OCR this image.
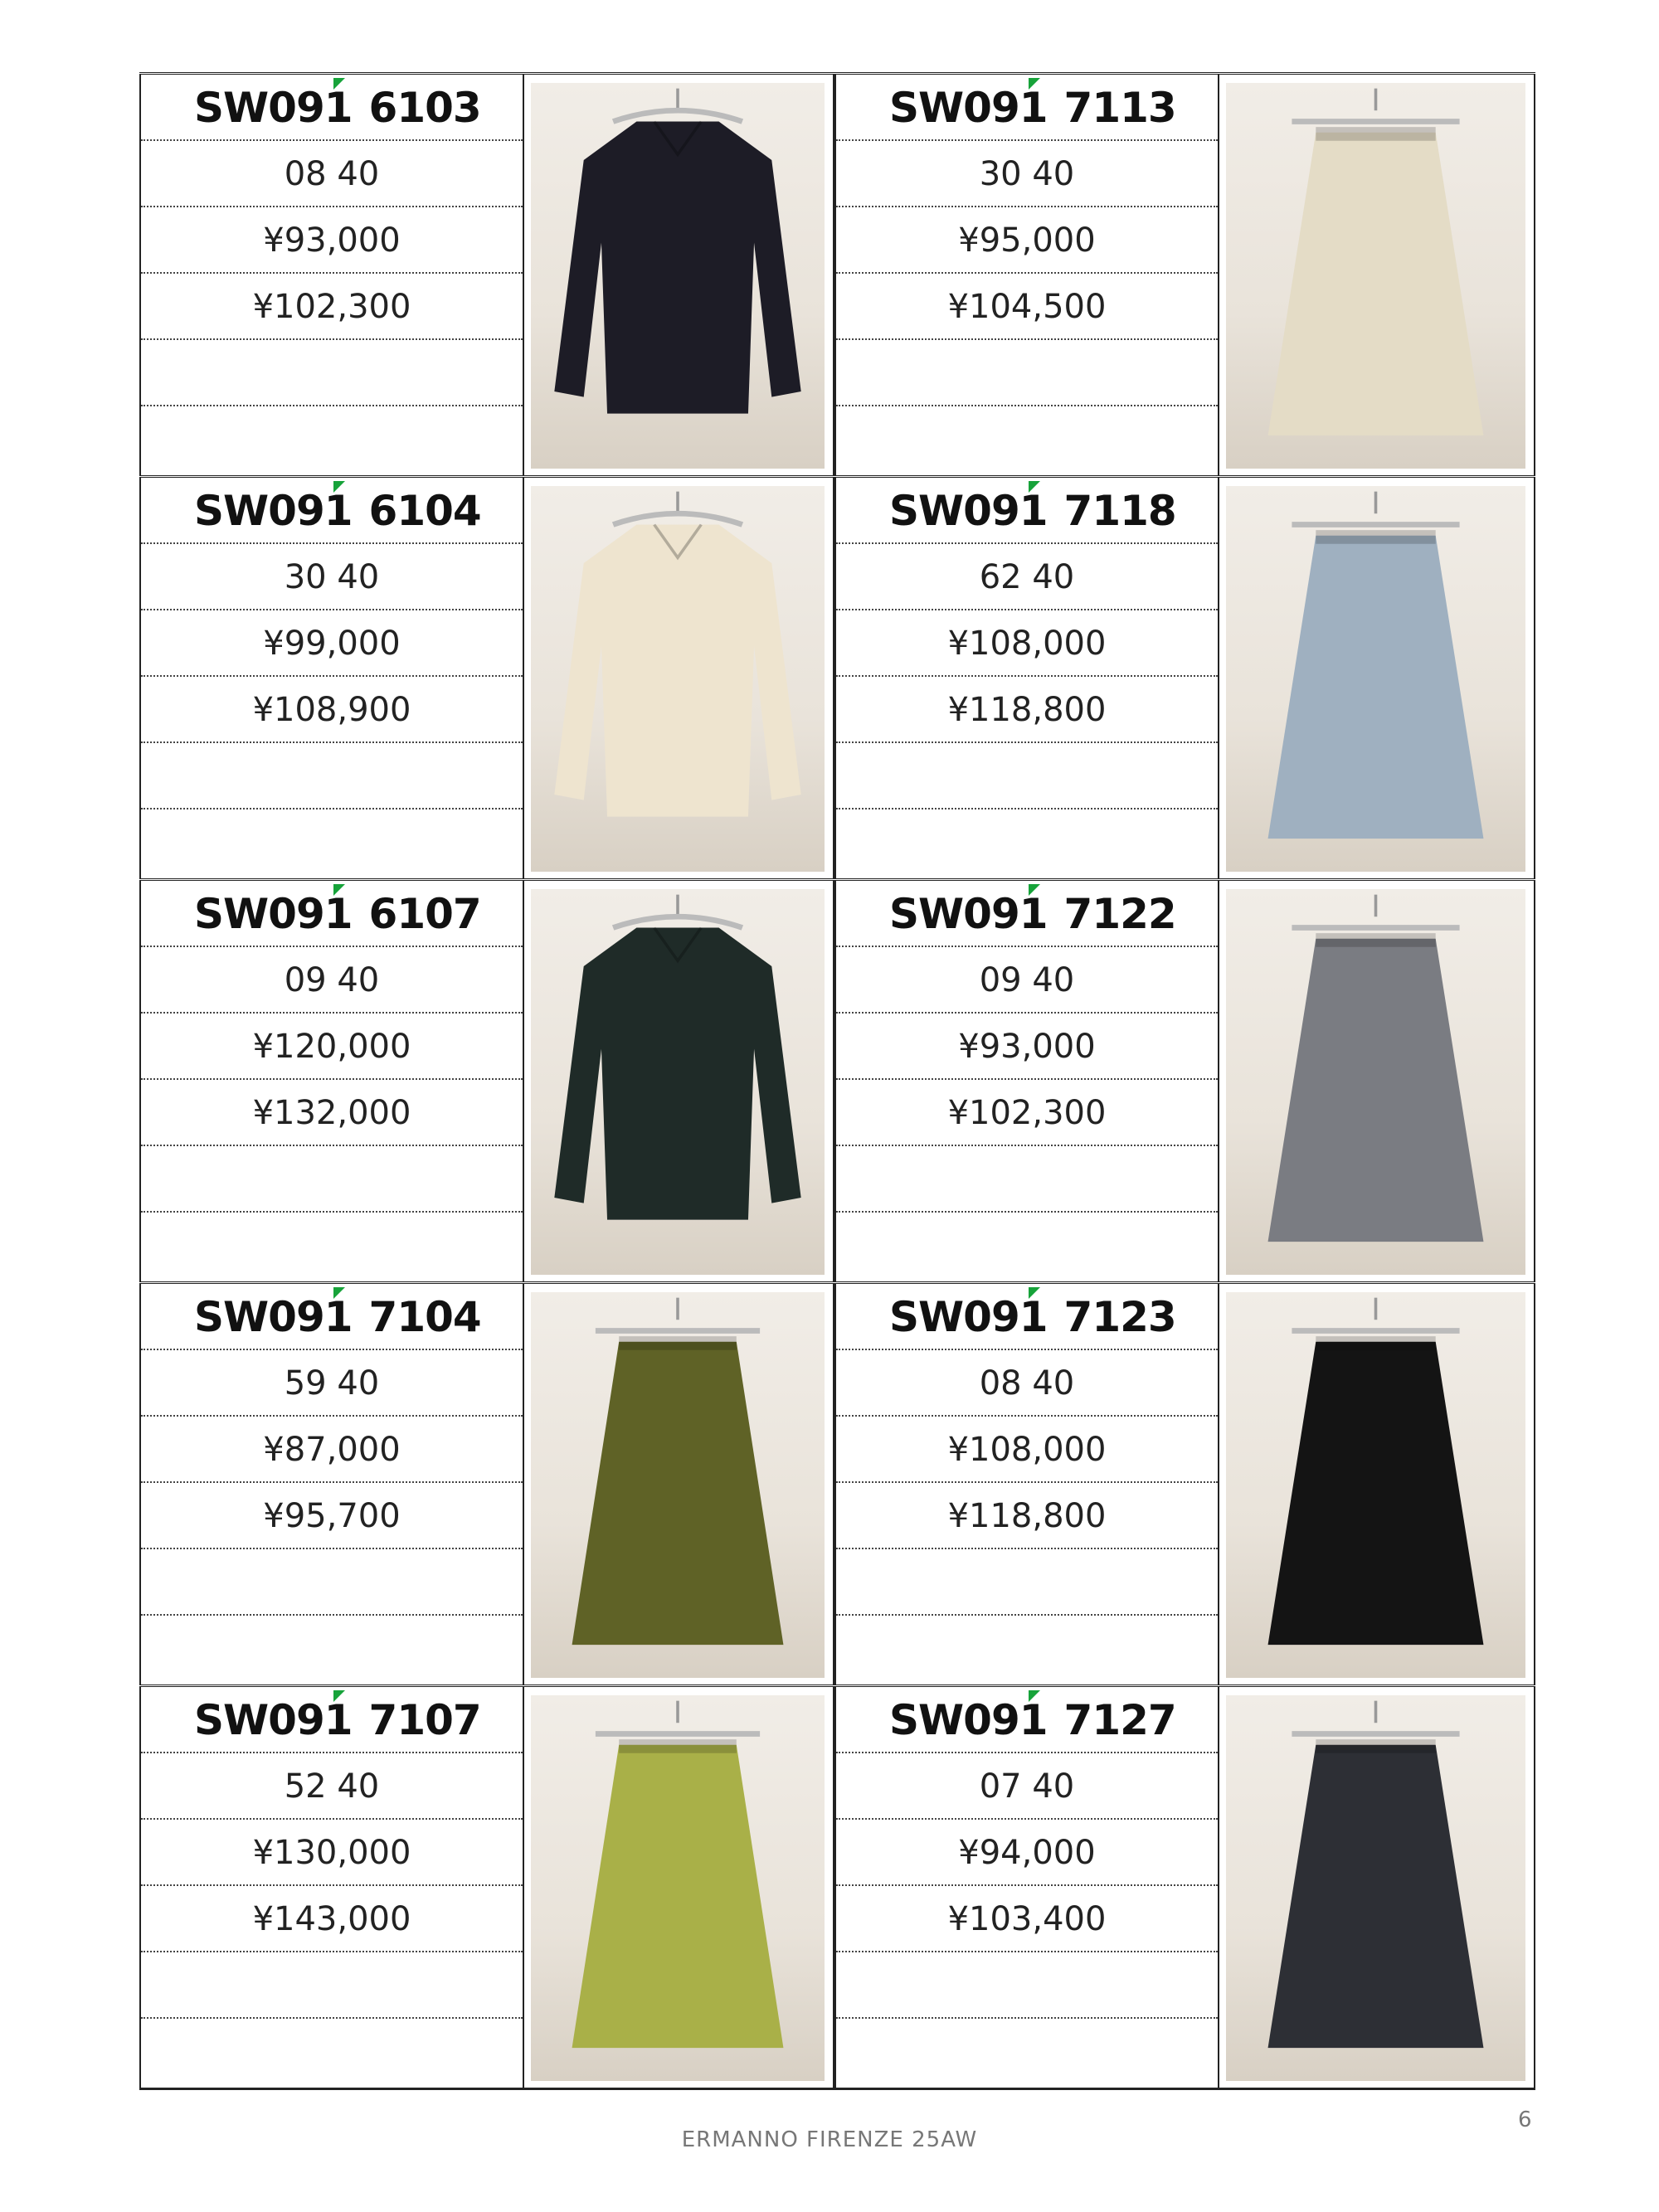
SW091 6103
08 40
¥93,000
¥102,300
SW091 7113
30 40
¥95,000
¥104,500
SW091 6104
30 40
¥99,000
¥108,900
SW091 7118
62 40
¥108,000
¥118,800
SW091 6107
09 40
¥120,000
¥132,000
SW091 7122
09 40
¥93,000
¥102,300
SW091 7104
59 40
¥87,000
¥95,700
SW091 7123
08 40
¥108,000
¥118,800
SW091 7107
52 40
¥130,000
¥143,000
SW091 7127
07 40
¥94,000
¥103,400
6
ERMANNO FIRENZE 25AW
